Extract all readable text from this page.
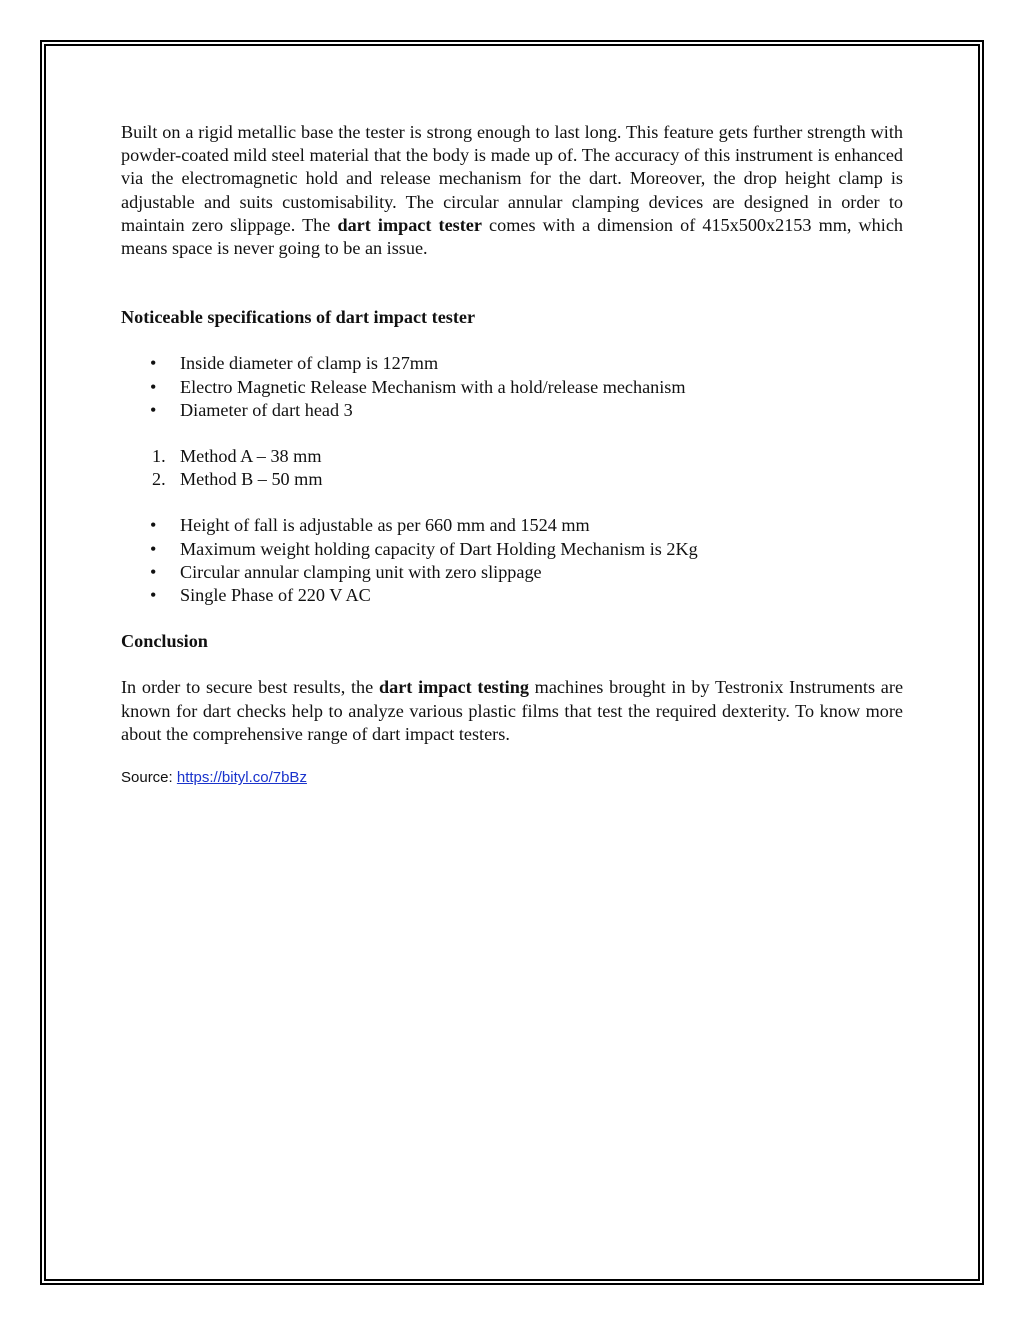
Built on a rigid metallic base the tester is strong enough to last long. This feature gets further strength with powder-coated mild steel material that the body is made up of. The accuracy of this instrument is enhanced via the electromagnetic hold and release mechanism for the dart. Moreover, the drop height clamp is adjustable and suits customisability. The circular annular clamping devices are designed in order to maintain zero slippage. The dart impact tester comes with a dimension of 415x500x2153 mm, which means space is never going to be an issue.

Noticeable specifications of dart impact tester

• Inside diameter of clamp is 127mm
• Electro Magnetic Release Mechanism with a hold/release mechanism
• Diameter of dart head 3
1. Method A – 38 mm
2. Method B – 50 mm
• Height of fall is adjustable as per 660 mm and 1524 mm
• Maximum weight holding capacity of Dart Holding Mechanism is 2Kg
• Circular annular clamping unit with zero slippage
• Single Phase of 220 V AC

Conclusion

In order to secure best results, the dart impact testing machines brought in by Testronix Instruments are known for dart checks help to analyze various plastic films that test the required dexterity. To know more about the comprehensive range of dart impact testers.

Source: https://bityl.co/7bBz
